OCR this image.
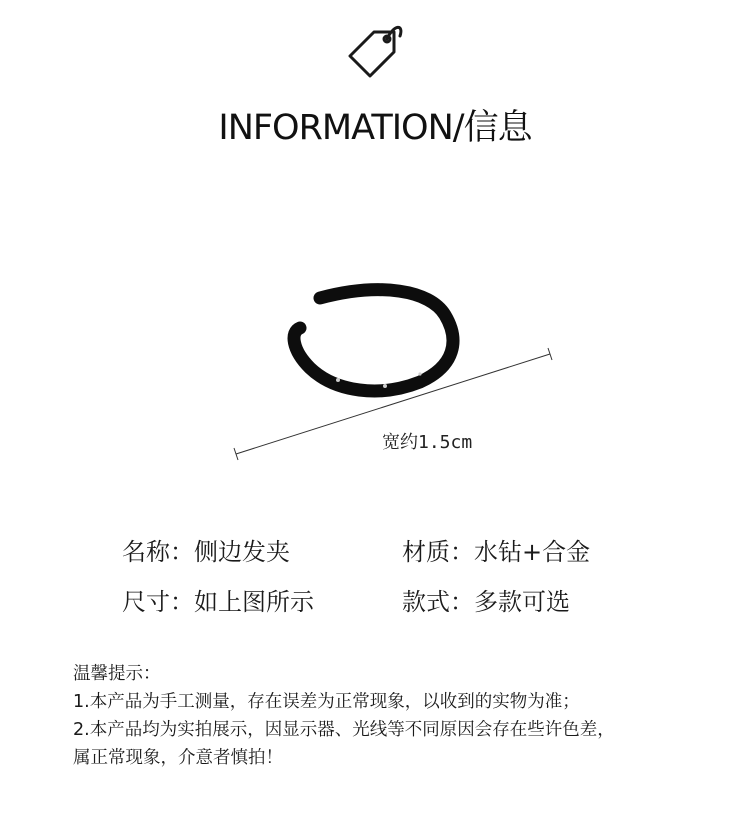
INFORMATION/信息
宽约1.5cm
名称：侧边发夹	材质：水钻+合金
尺寸：如上图所示	款式：多款可选
温馨提示：
1.本产品为手工测量，存在误差为正常现象，以收到的实物为准；
2.本产品均为实拍展示，因显示器、光线等不同原因会存在些许色差，
属正常现象，介意者慎拍！
